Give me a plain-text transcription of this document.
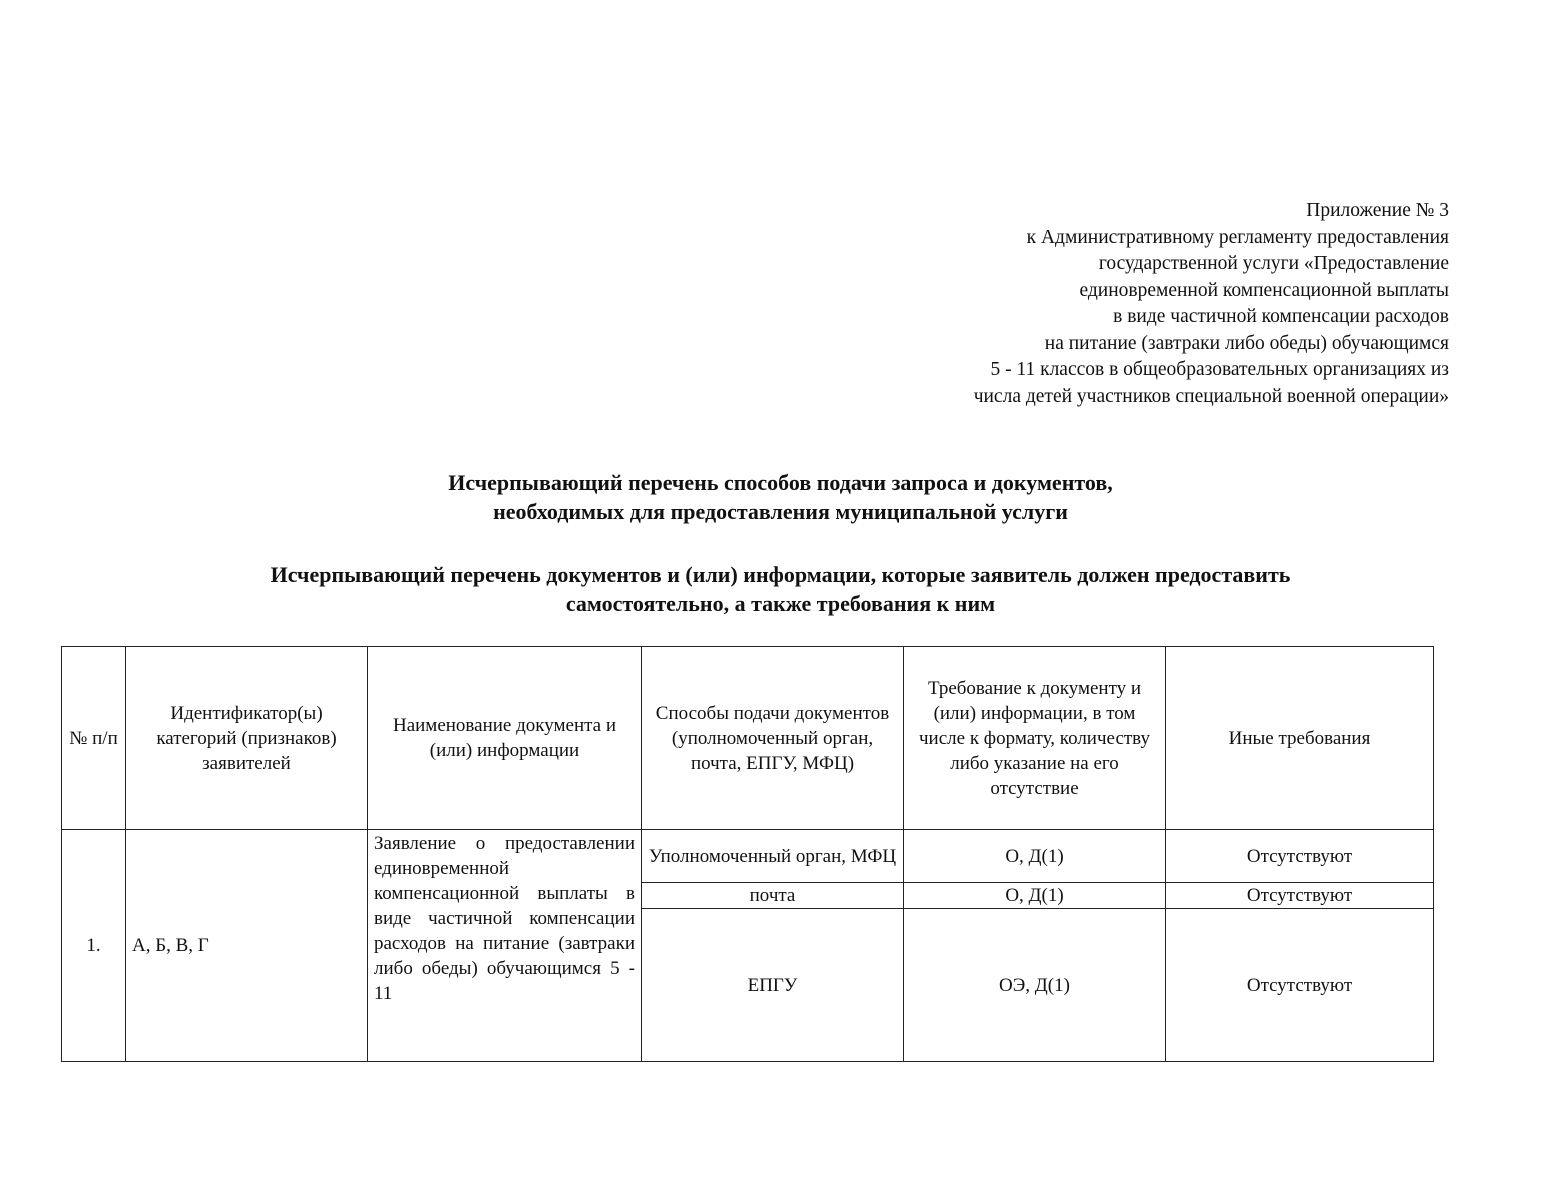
Приложение № 3
к Административному регламенту предоставления
государственной услуги «Предоставление
единовременной компенсационной выплаты
в виде частичной компенсации расходов
на питание (завтраки либо обеды) обучающимся
5 - 11 классов в общеобразовательных организациях из
числа детей участников специальной военной операции»
Исчерпывающий перечень способов подачи запроса и документов,
необходимых для предоставления муниципальной услуги
Исчерпывающий перечень документов и (или) информации, которые заявитель должен предоставить
самостоятельно, а также требования к ним
№ п/п	Идентификатор(ы) категорий (признаков) заявителей	Наименование документа и (или) информации	Способы подачи документов (уполномоченный орган, почта, ЕПГУ, МФЦ)	Требование к документу и (или) информации, в том числе к формату, количеству либо указание на его отсутствие	Иные требования
1.	А, Б, В, Г	Заявление о предоставлении единовременной компенсационной выплаты в виде частичной компенсации расходов на питание (завтраки либо обеды) обучающимся 5 - 11	Уполномоченный орган, МФЦ	О, Д(1)	Отсутствуют
			почта	О, Д(1)	Отсутствуют
			ЕПГУ	ОЭ, Д(1)	Отсутствуют
